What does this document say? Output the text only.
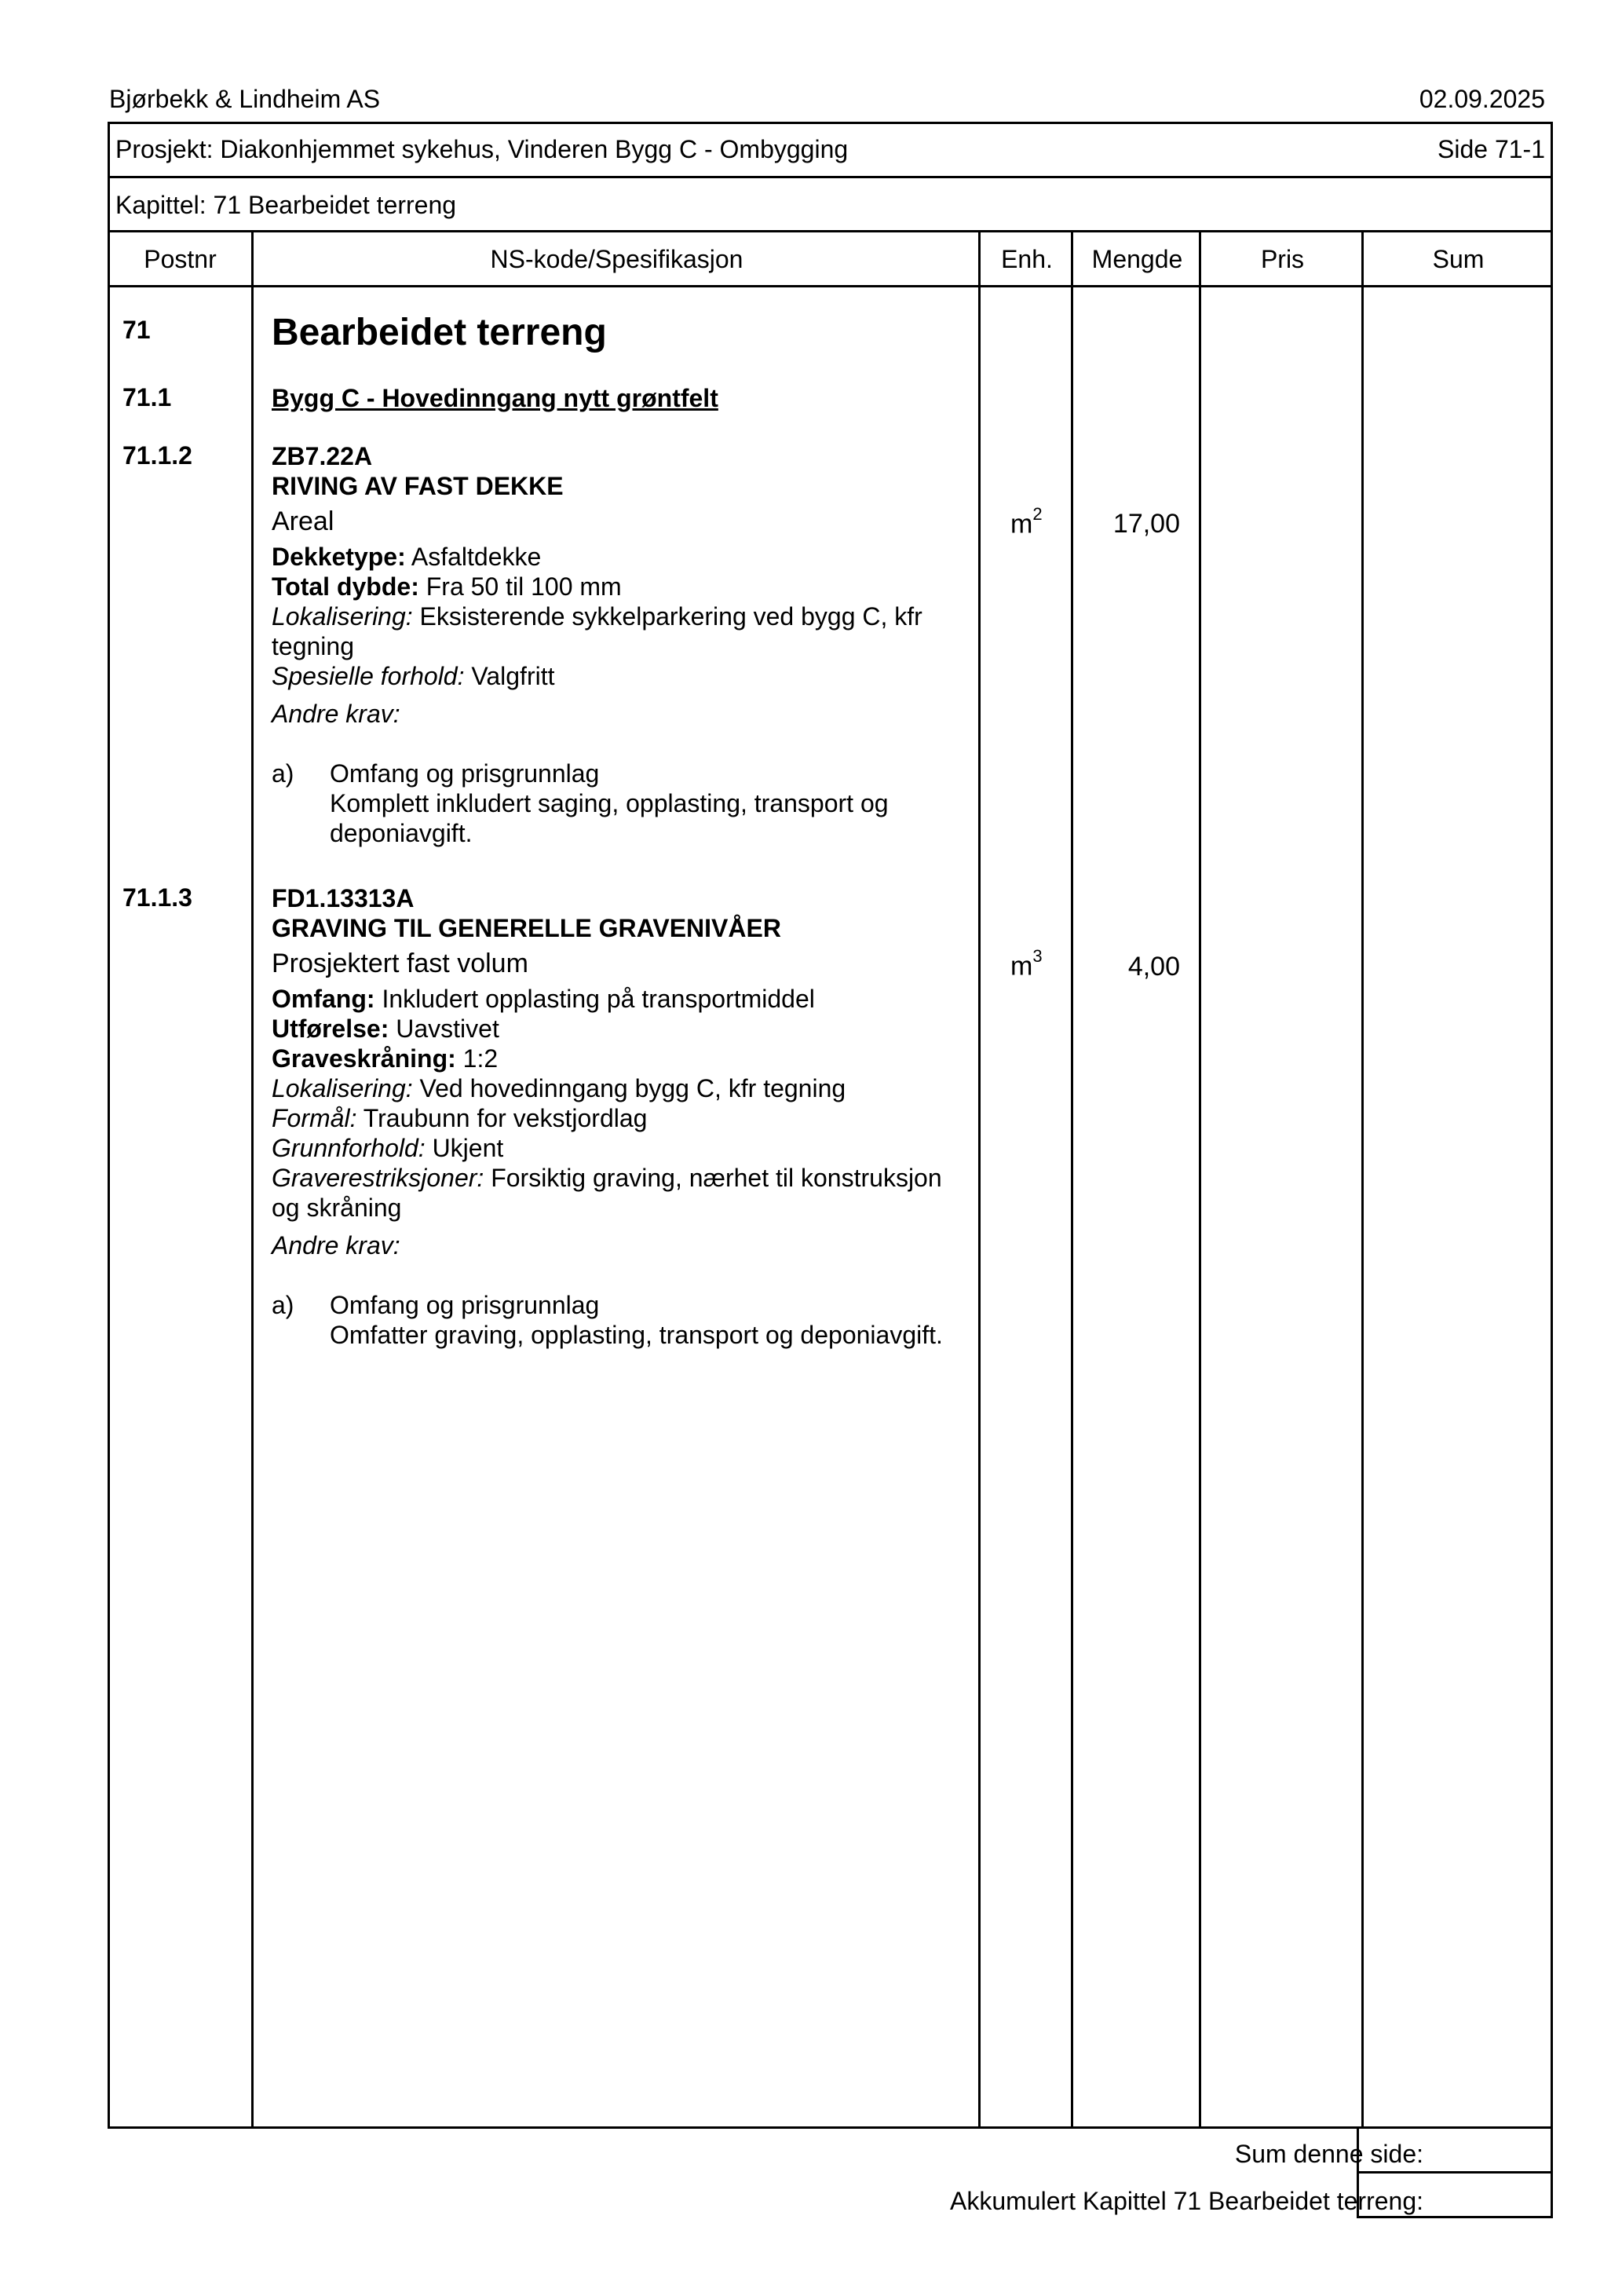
Bjørbekk & Lindheim AS	02.09.2025
Prosjekt: Diakonhjemmet sykehus, Vinderen Bygg C - Ombygging	Side 71-1
Kapittel: 71 Bearbeidet terreng
Postnr	NS-kode/Spesifikasjon	Enh.	Mengde	Pris	Sum
71	Bearbeidet terreng
71.1	Bygg C - Hovedinngang nytt grøntfelt
71.1.2	ZB7.22A
RIVING AV FAST DEKKE
Areal
Dekketype: Asfaltdekke
Total dybde: Fra 50 til 100 mm
Lokalisering: Eksisterende sykkelparkering ved bygg C, kfr tegning
Spesielle forhold: Valgfritt
Andre krav:
a) Omfang og prisgrunnlag
Komplett inkludert saging, opplasting, transport og deponiavgift.
$m^2$	17,00
71.1.3	FD1.13313A
GRAVING TIL GENERELLE GRAVENIVÅER
Prosjektert fast volum
Omfang: Inkludert opplasting på transportmiddel
Utførelse: Uavstivet
Graveskråning: 1:2
Lokalisering: Ved hovedinngang bygg C, kfr tegning
Formål: Traubunn for vekstjordlag
Grunnforhold: Ukjent
Graverestriksjoner: Forsiktig graving, nærhet til konstruksjon og skråning
Andre krav:
a) Omfang og prisgrunnlag
Omfatter graving, opplasting, transport og deponiavgift.
$m^3$	4,00
Sum denne side:
Akkumulert Kapittel 71 Bearbeidet terreng:
